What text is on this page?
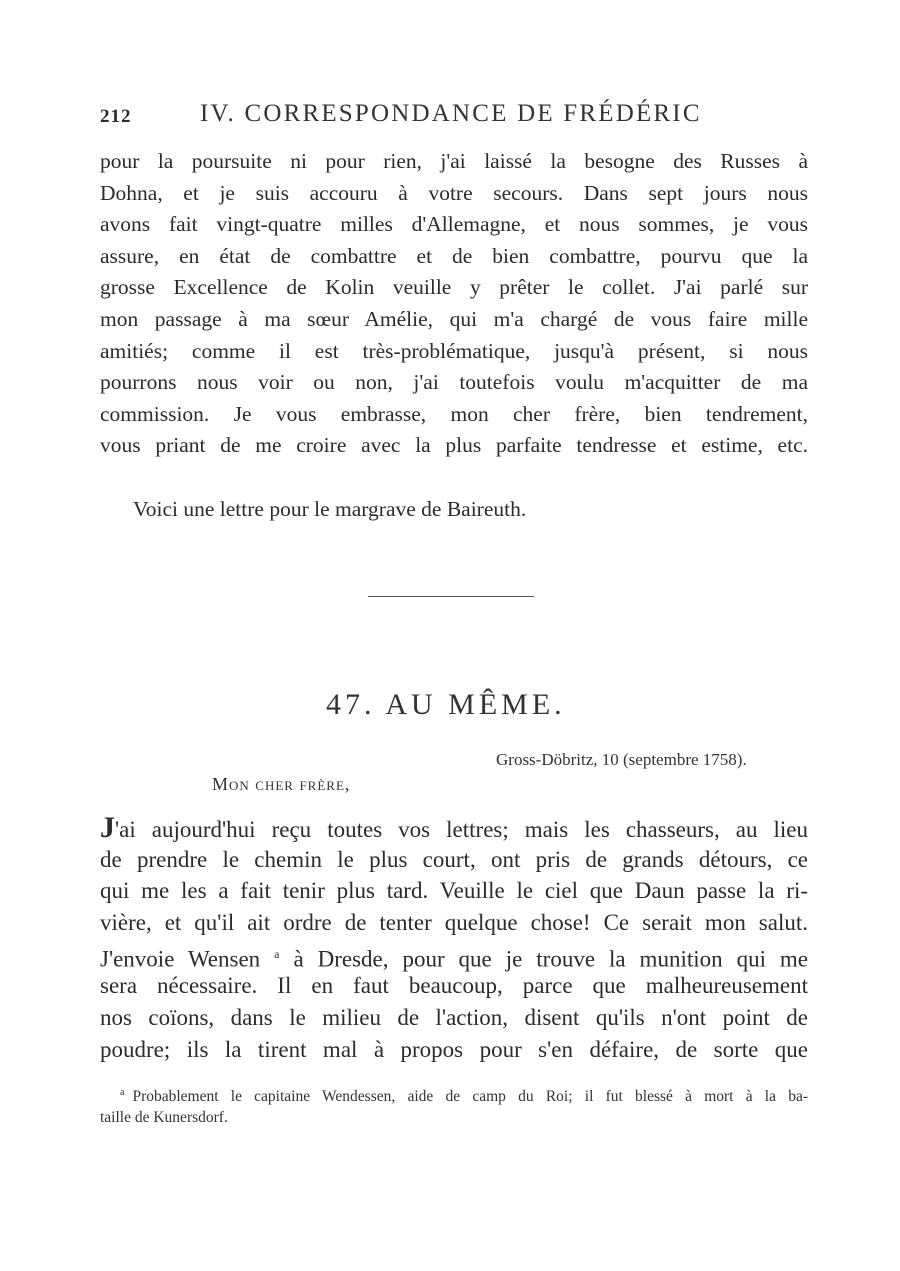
212	IV. CORRESPONDANCE DE FRÉDÉRIC
pour la poursuite ni pour rien, j'ai laissé la besogne des Russes à
Dohna, et je suis accouru à votre secours. Dans sept jours nous
avons fait vingt-quatre milles d'Allemagne, et nous sommes, je vous
assure, en état de combattre et de bien combattre, pourvu que la
grosse Excellence de Kolin veuille y prêter le collet. J'ai parlé sur
mon passage à ma sœur Amélie, qui m'a chargé de vous faire mille
amitiés; comme il est très-problématique, jusqu'à présent, si nous
pourrons nous voir ou non, j'ai toutefois voulu m'acquitter de ma
commission. Je vous embrasse, mon cher frère, bien tendrement,
vous priant de me croire avec la plus parfaite tendresse et estime, etc.
Voici une lettre pour le margrave de Baireuth.
47. AU MÊME.
Gross-Döbritz, 10 (septembre 1758).
Mon cher frère,
J'ai aujourd'hui reçu toutes vos lettres; mais les chasseurs, au lieu
de prendre le chemin le plus court, ont pris de grands détours, ce
qui me les a fait tenir plus tard. Veuille le ciel que Daun passe la ri-
vière, et qu'il ait ordre de tenter quelque chose! Ce serait mon salut.
J'envoie Wensen $^a$ à Dresde, pour que je trouve la munition qui me
sera nécessaire. Il en faut beaucoup, parce que malheureusement
nos coïons, dans le milieu de l'action, disent qu'ils n'ont point de
poudre; ils la tirent mal à propos pour s'en défaire, de sorte que
$^a$ Probablement le capitaine Wendessen, aide de camp du Roi; il fut blessé à mort à la ba-
taille de Kunersdorf.
